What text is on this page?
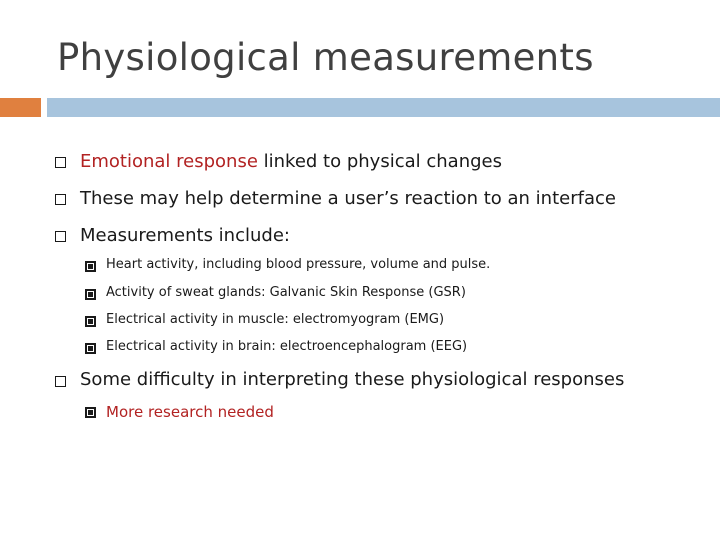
Physiological measurements
Emotional response linked to physical changes
These may help determine a user’s reaction to an interface
Measurements include:
Heart activity, including blood pressure, volume and pulse.
Activity of sweat glands: Galvanic Skin Response (GSR)
Electrical activity in muscle: electromyogram (EMG)
Electrical activity in brain: electroencephalogram (EEG)
Some difficulty in interpreting these physiological responses
More research needed
